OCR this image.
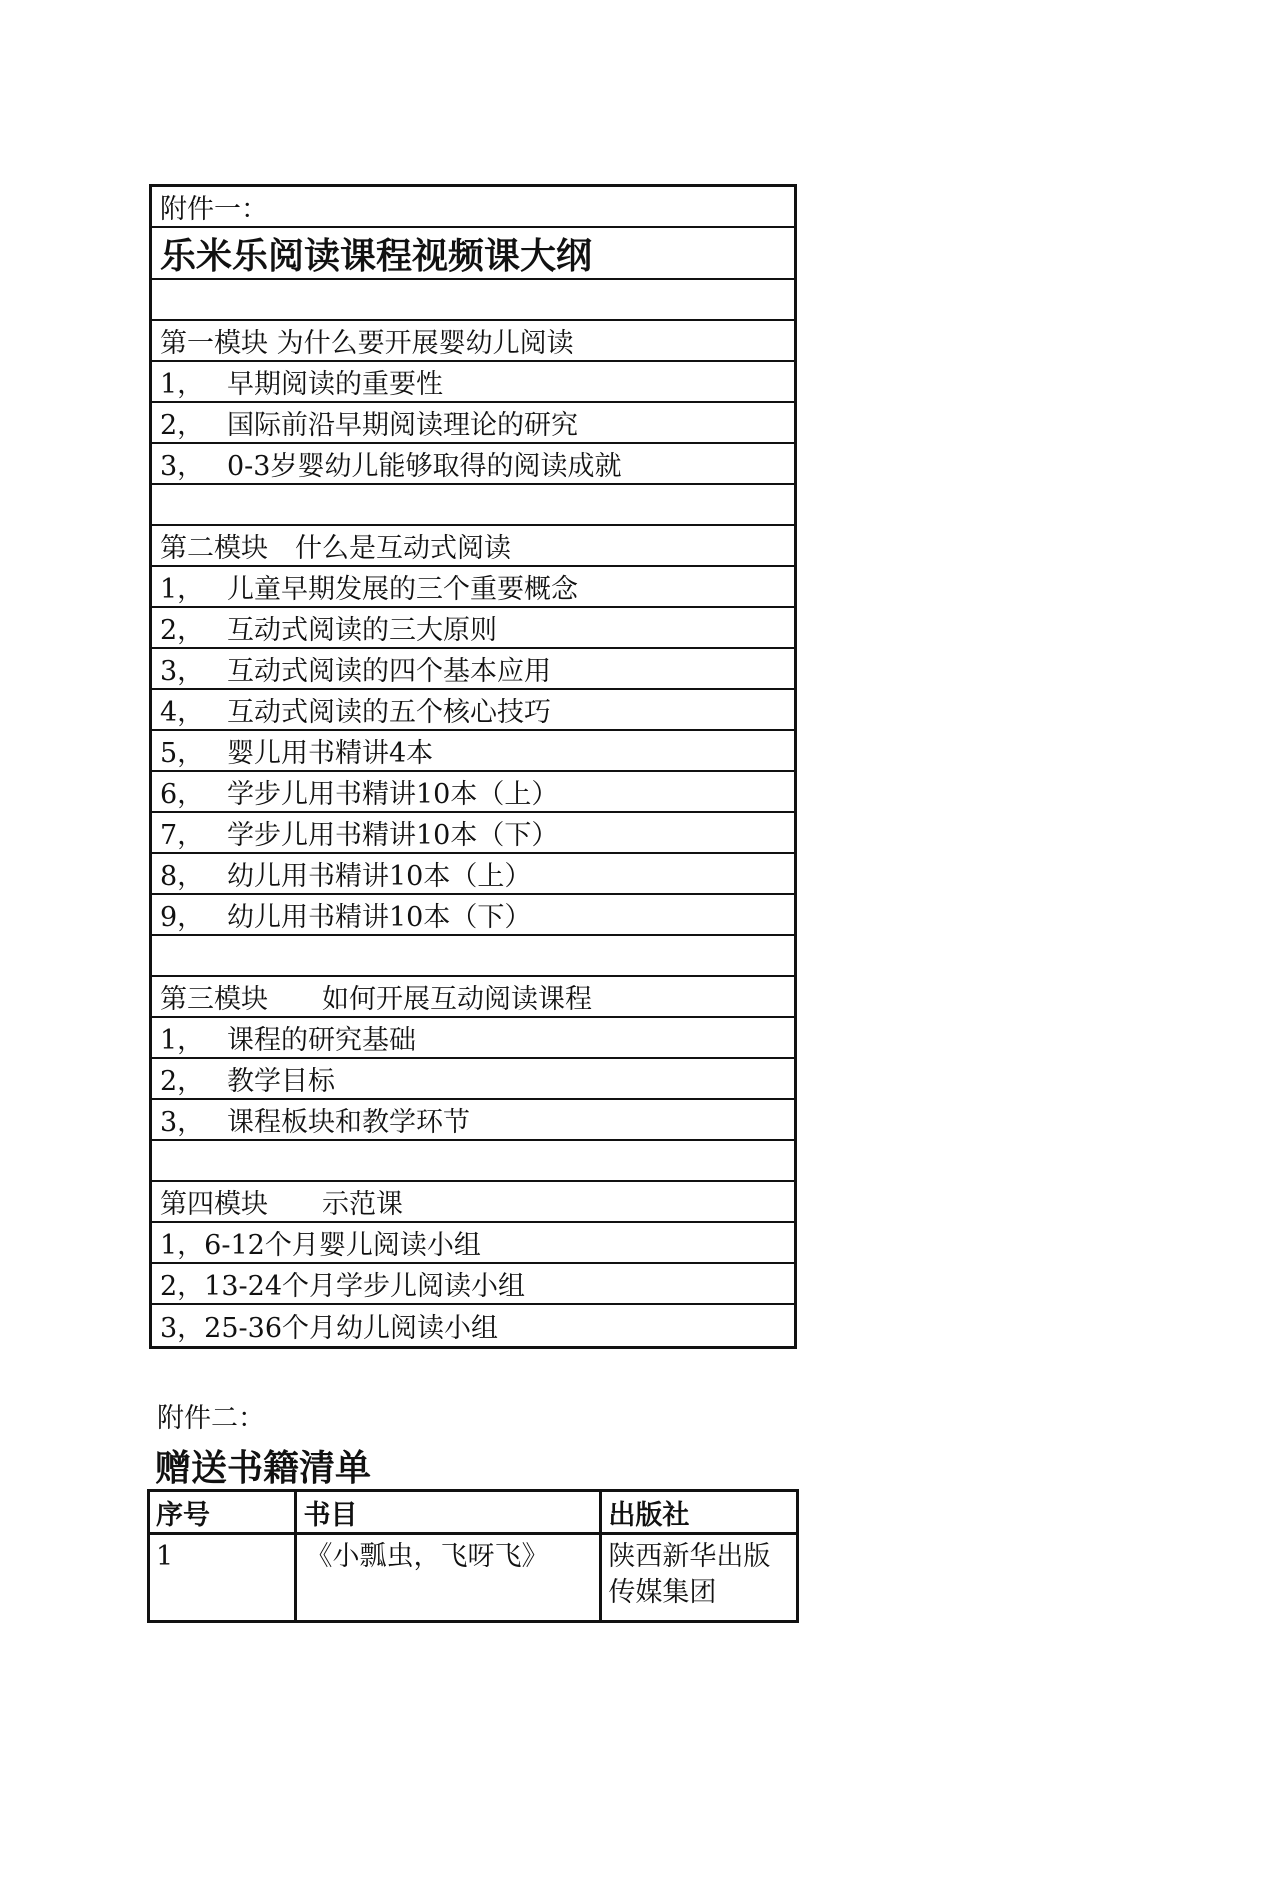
附件一：
乐米乐阅读课程视频课大纲
第一模块 为什么要开展婴幼儿阅读
1， 早期阅读的重要性
2， 国际前沿早期阅读理论的研究
3， 0-3岁婴幼儿能够取得的阅读成就
第二模块　什么是互动式阅读
1， 儿童早期发展的三个重要概念
2， 互动式阅读的三大原则
3， 互动式阅读的四个基本应用
4， 互动式阅读的五个核心技巧
5， 婴儿用书精讲4本
6， 学步儿用书精讲10本（上）
7， 学步儿用书精讲10本（下）
8， 幼儿用书精讲10本（上）
9， 幼儿用书精讲10本（下）
第三模块　　如何开展互动阅读课程
1， 课程的研究基础
2， 教学目标
3， 课程板块和教学环节
第四模块　　示范课
1，6-12个月婴儿阅读小组
2，13-24个月学步儿阅读小组
3，25-36个月幼儿阅读小组
附件二：
赠送书籍清单
序号	书目	出版社
1	《小瓢虫，飞呀飞》	陕西新华出版
传媒集团
